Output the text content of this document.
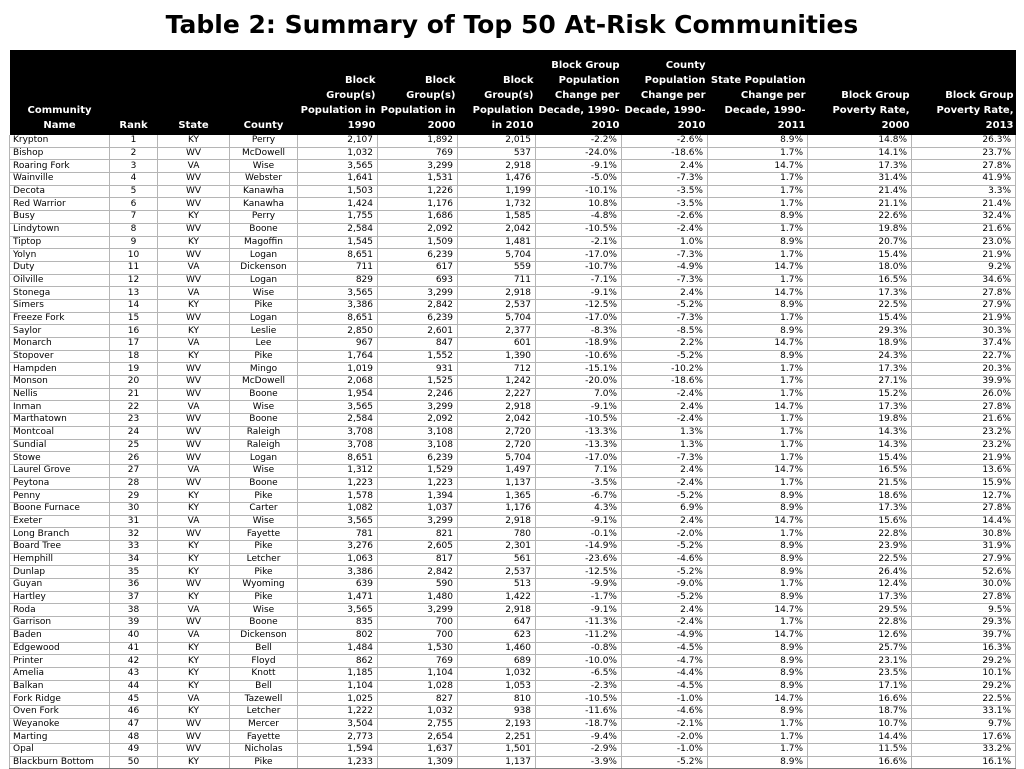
Table 2: Summary of Top 50 At-Risk Communities
Community Name	Rank	State	County	Block Group(s) Population in 1990	Block Group(s) Population in 2000	Block Group(s) Population in 2010	Block Group Population Change per Decade, 1990-2010	County Population Change per Decade, 1990-2010	State Population Change per Decade, 1990-2011	Block Group Poverty Rate, 2000	Block Group Poverty Rate, 2013
Krypton	1	KY	Perry	2,107	1,892	2,015	-2.2%	-2.6%	8.9%	14.8%	26.3%
Bishop	2	WV	McDowell	1,032	769	537	-24.0%	-18.6%	1.7%	14.1%	23.7%
Roaring Fork	3	VA	Wise	3,565	3,299	2,918	-9.1%	2.4%	14.7%	17.3%	27.8%
Wainville	4	WV	Webster	1,641	1,531	1,476	-5.0%	-7.3%	1.7%	31.4%	41.9%
Decota	5	WV	Kanawha	1,503	1,226	1,199	-10.1%	-3.5%	1.7%	21.4%	3.3%
Red Warrior	6	WV	Kanawha	1,424	1,176	1,732	10.8%	-3.5%	1.7%	21.1%	21.4%
Busy	7	KY	Perry	1,755	1,686	1,585	-4.8%	-2.6%	8.9%	22.6%	32.4%
Lindytown	8	WV	Boone	2,584	2,092	2,042	-10.5%	-2.4%	1.7%	19.8%	21.6%
Tiptop	9	KY	Magoffin	1,545	1,509	1,481	-2.1%	1.0%	8.9%	20.7%	23.0%
Yolyn	10	WV	Logan	8,651	6,239	5,704	-17.0%	-7.3%	1.7%	15.4%	21.9%
Duty	11	VA	Dickenson	711	617	559	-10.7%	-4.9%	14.7%	18.0%	9.2%
Oilville	12	WV	Logan	829	693	711	-7.1%	-7.3%	1.7%	16.5%	34.6%
Stonega	13	VA	Wise	3,565	3,299	2,918	-9.1%	2.4%	14.7%	17.3%	27.8%
Simers	14	KY	Pike	3,386	2,842	2,537	-12.5%	-5.2%	8.9%	22.5%	27.9%
Freeze Fork	15	WV	Logan	8,651	6,239	5,704	-17.0%	-7.3%	1.7%	15.4%	21.9%
Saylor	16	KY	Leslie	2,850	2,601	2,377	-8.3%	-8.5%	8.9%	29.3%	30.3%
Monarch	17	VA	Lee	967	847	601	-18.9%	2.2%	14.7%	18.9%	37.4%
Stopover	18	KY	Pike	1,764	1,552	1,390	-10.6%	-5.2%	8.9%	24.3%	22.7%
Hampden	19	WV	Mingo	1,019	931	712	-15.1%	-10.2%	1.7%	17.3%	20.3%
Monson	20	WV	McDowell	2,068	1,525	1,242	-20.0%	-18.6%	1.7%	27.1%	39.9%
Nellis	21	WV	Boone	1,954	2,246	2,227	7.0%	-2.4%	1.7%	15.2%	26.0%
Inman	22	VA	Wise	3,565	3,299	2,918	-9.1%	2.4%	14.7%	17.3%	27.8%
Marthatown	23	WV	Boone	2,584	2,092	2,042	-10.5%	-2.4%	1.7%	19.8%	21.6%
Montcoal	24	WV	Raleigh	3,708	3,108	2,720	-13.3%	1.3%	1.7%	14.3%	23.2%
Sundial	25	WV	Raleigh	3,708	3,108	2,720	-13.3%	1.3%	1.7%	14.3%	23.2%
Stowe	26	WV	Logan	8,651	6,239	5,704	-17.0%	-7.3%	1.7%	15.4%	21.9%
Laurel Grove	27	VA	Wise	1,312	1,529	1,497	7.1%	2.4%	14.7%	16.5%	13.6%
Peytona	28	WV	Boone	1,223	1,223	1,137	-3.5%	-2.4%	1.7%	21.5%	15.9%
Penny	29	KY	Pike	1,578	1,394	1,365	-6.7%	-5.2%	8.9%	18.6%	12.7%
Boone Furnace	30	KY	Carter	1,082	1,037	1,176	4.3%	6.9%	8.9%	17.3%	27.8%
Exeter	31	VA	Wise	3,565	3,299	2,918	-9.1%	2.4%	14.7%	15.6%	14.4%
Long Branch	32	WV	Fayette	781	821	780	-0.1%	-2.0%	1.7%	22.8%	30.8%
Board Tree	33	KY	Pike	3,276	2,605	2,301	-14.9%	-5.2%	8.9%	23.9%	31.9%
Hemphill	34	KY	Letcher	1,063	817	561	-23.6%	-4.6%	8.9%	22.5%	27.9%
Dunlap	35	KY	Pike	3,386	2,842	2,537	-12.5%	-5.2%	8.9%	26.4%	52.6%
Guyan	36	WV	Wyoming	639	590	513	-9.9%	-9.0%	1.7%	12.4%	30.0%
Hartley	37	KY	Pike	1,471	1,480	1,422	-1.7%	-5.2%	8.9%	17.3%	27.8%
Roda	38	VA	Wise	3,565	3,299	2,918	-9.1%	2.4%	14.7%	29.5%	9.5%
Garrison	39	WV	Boone	835	700	647	-11.3%	-2.4%	1.7%	22.8%	29.3%
Baden	40	VA	Dickenson	802	700	623	-11.2%	-4.9%	14.7%	12.6%	39.7%
Edgewood	41	KY	Bell	1,484	1,530	1,460	-0.8%	-4.5%	8.9%	25.7%	16.3%
Printer	42	KY	Floyd	862	769	689	-10.0%	-4.7%	8.9%	23.1%	29.2%
Amelia	43	KY	Knott	1,185	1,104	1,032	-6.5%	-4.4%	8.9%	23.5%	10.1%
Balkan	44	KY	Bell	1,104	1,028	1,053	-2.3%	-4.5%	8.9%	17.1%	29.2%
Fork Ridge	45	VA	Tazewell	1,025	827	810	-10.5%	-1.0%	14.7%	16.6%	22.5%
Oven Fork	46	KY	Letcher	1,222	1,032	938	-11.6%	-4.6%	8.9%	18.7%	33.1%
Weyanoke	47	WV	Mercer	3,504	2,755	2,193	-18.7%	-2.1%	1.7%	10.7%	9.7%
Marting	48	WV	Fayette	2,773	2,654	2,251	-9.4%	-2.0%	1.7%	14.4%	17.6%
Opal	49	WV	Nicholas	1,594	1,637	1,501	-2.9%	-1.0%	1.7%	11.5%	33.2%
Blackburn Bottom	50	KY	Pike	1,233	1,309	1,137	-3.9%	-5.2%	8.9%	16.6%	16.1%
